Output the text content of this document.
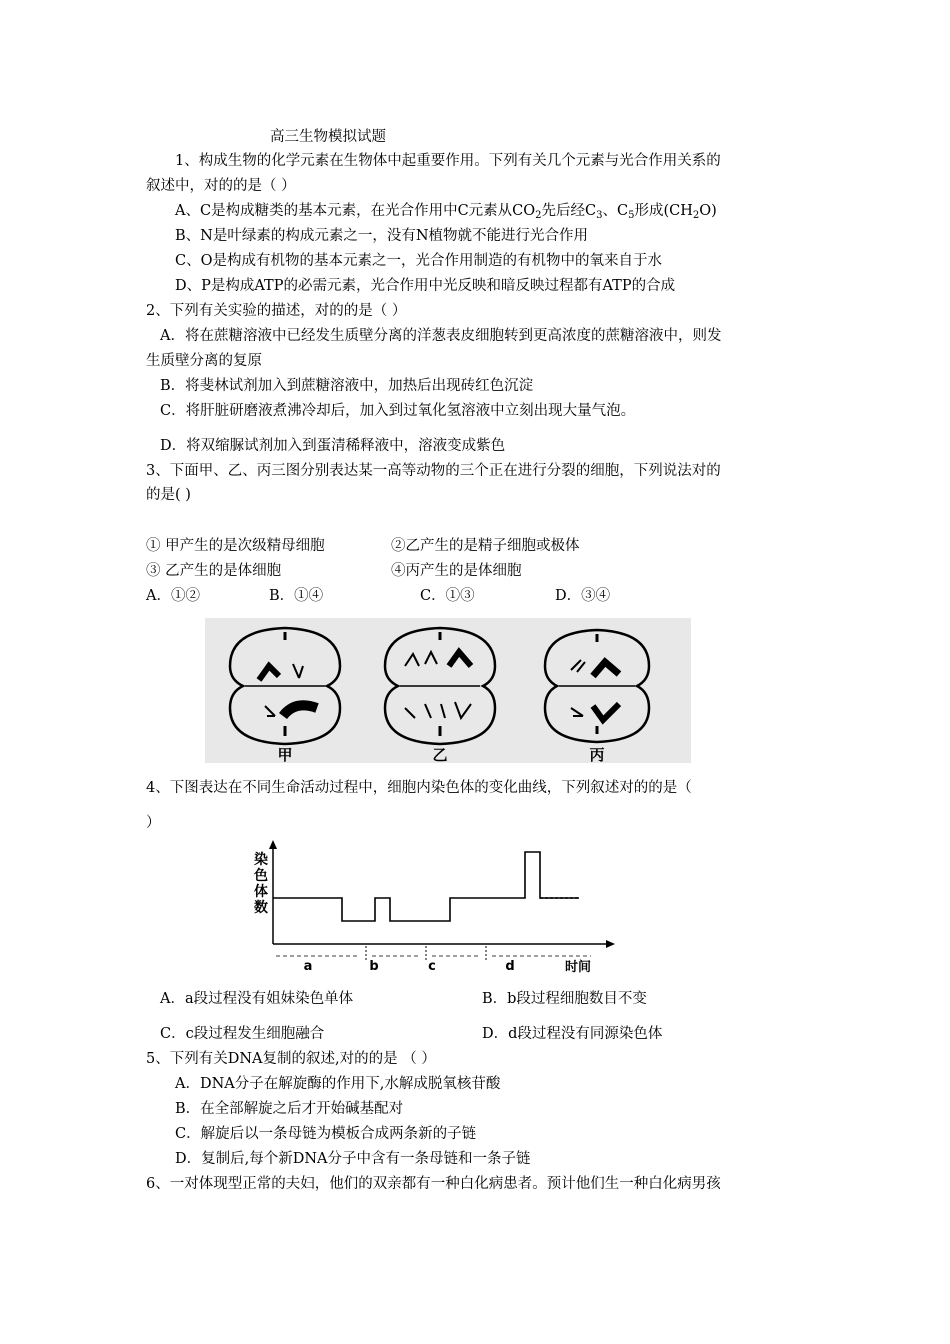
高三生物模拟试题
1、构成生物的化学元素在生物体中起重要作用。下列有关几个元素与光合作用关系的
叙述中，对的的是（ ）
A、C是构成糖类的基本元素，在光合作用中C元素从$CO_2$先后经$C_3$、$C_5$形成$(CH_2O)$
B、N是叶绿素的构成元素之一，没有N植物就不能进行光合作用
C、O是构成有机物的基本元素之一，光合作用制造的有机物中的氧来自于水
D、P是构成ATP的必需元素，光合作用中光反映和暗反映过程都有ATP的合成
2、下列有关实验的描述，对的的是（ ）
A．将在蔗糖溶液中已经发生质壁分离的洋葱表皮细胞转到更高浓度的蔗糖溶液中，则发
生质壁分离的复原
B．将斐林试剂加入到蔗糖溶液中，加热后出现砖红色沉淀
C．将肝脏研磨液煮沸冷却后，加入到过氧化氢溶液中立刻出现大量气泡。
D．将双缩脲试剂加入到蛋清稀释液中，溶液变成紫色
3、下面甲、乙、丙三图分别表达某一高等动物的三个正在进行分裂的细胞，下列说法对的
的是( )
① 甲产生的是次级精母细胞	②乙产生的是精子细胞或极体
③ 乙产生的是体细胞	④丙产生的是体细胞
A．①②	B．①④	C．①③	D．③④
甲	乙	丙
4、下图表达在不同生命活动过程中，细胞内染色体的变化曲线，下列叙述对的的是（
）
染
色
体
数
a	b	c	d	时间
A．a段过程没有姐妹染色单体	B．b段过程细胞数目不变
C．c段过程发生细胞融合	D．d段过程没有同源染色体
5、下列有关DNA复制的叙述,对的的是 （ ）
A．DNA分子在解旋酶的作用下,水解成脱氧核苷酸
B．在全部解旋之后才开始碱基配对
C．解旋后以一条母链为模板合成两条新的子链
D．复制后,每个新DNA分子中含有一条母链和一条子链
6、一对体现型正常的夫妇，他们的双亲都有一种白化病患者。预计他们生一种白化病男孩
